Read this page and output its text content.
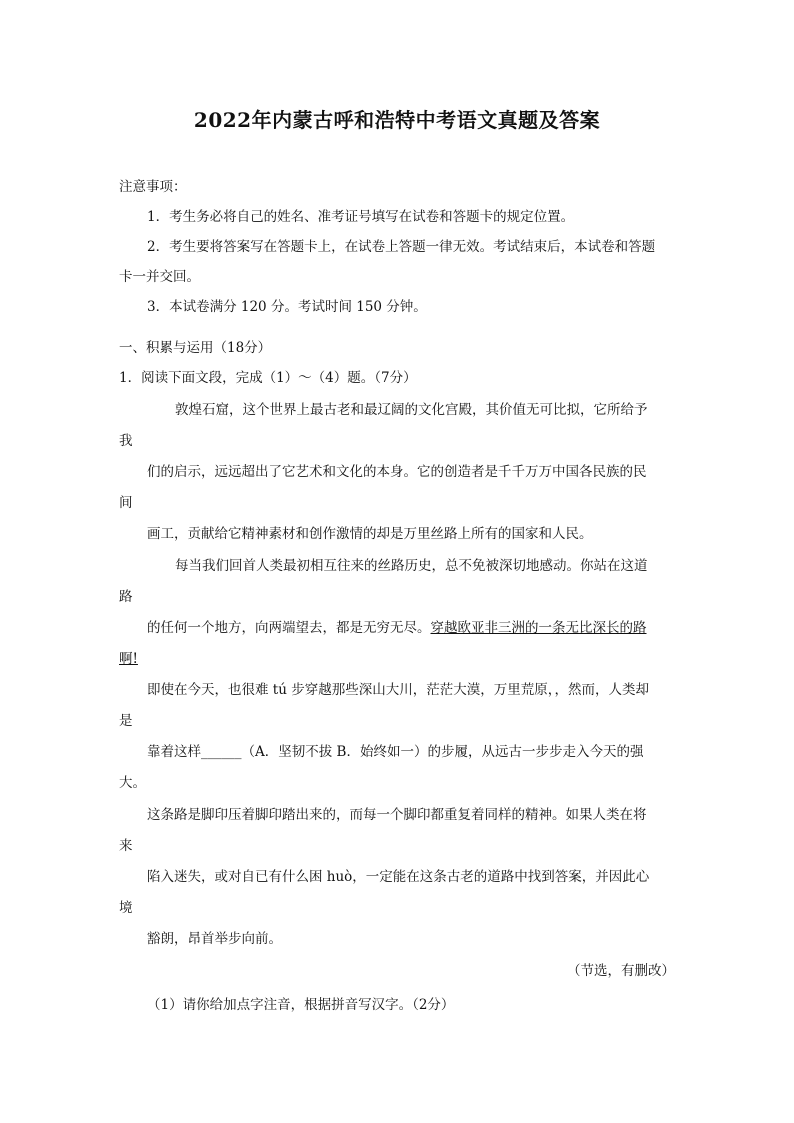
2022年内蒙古呼和浩特中考语文真题及答案
注意事项：
1．考生务必将自己的姓名、准考证号填写在试卷和答题卡的规定位置。
2．考生要将答案写在答题卡上，在试卷上答题一律无效。考试结束后，本试卷和答题
卡一并交回。
3．本试卷满分 120 分。考试时间 150 分钟。
一、积累与运用（18分）
1．阅读下面文段，完成（1）～（4）题。（7分）
敦煌石窟，这个世界上最古老和最辽阔的文化宫殿，其价值无可比拟，它所给予
我
们的启示，远远超出了它艺术和文化的本身。它的创造者是千千万万中国各民族的民
间
画工，贡献给它精神素材和创作激情的却是万里丝路上所有的国家和人民。
每当我们回首人类最初相互往来的丝路历史，总不免被深切地感动。你站在这道
路
的任何一个地方，向两端望去，都是无穷无尽。穿越欧亚非三洲的一条无比深长的路
啊!
即使在今天，也很难 tú 步穿越那些深山大川，茫茫大漠，万里荒原，，然而，人类却
是
靠着这样______（A．坚韧不拔 B．始终如一）的步履，从远古一步步走入今天的强
大。
这条路是脚印压着脚印踏出来的，而每一个脚印都重复着同样的精神。如果人类在将
来
陷入迷失，或对自已有什么困 huò，一定能在这条古老的道路中找到答案，并因此心
境
豁朗，昂首举步向前。
（节选，有删改）
（1）请你给加点字注音，根据拼音写汉字。（2分）
